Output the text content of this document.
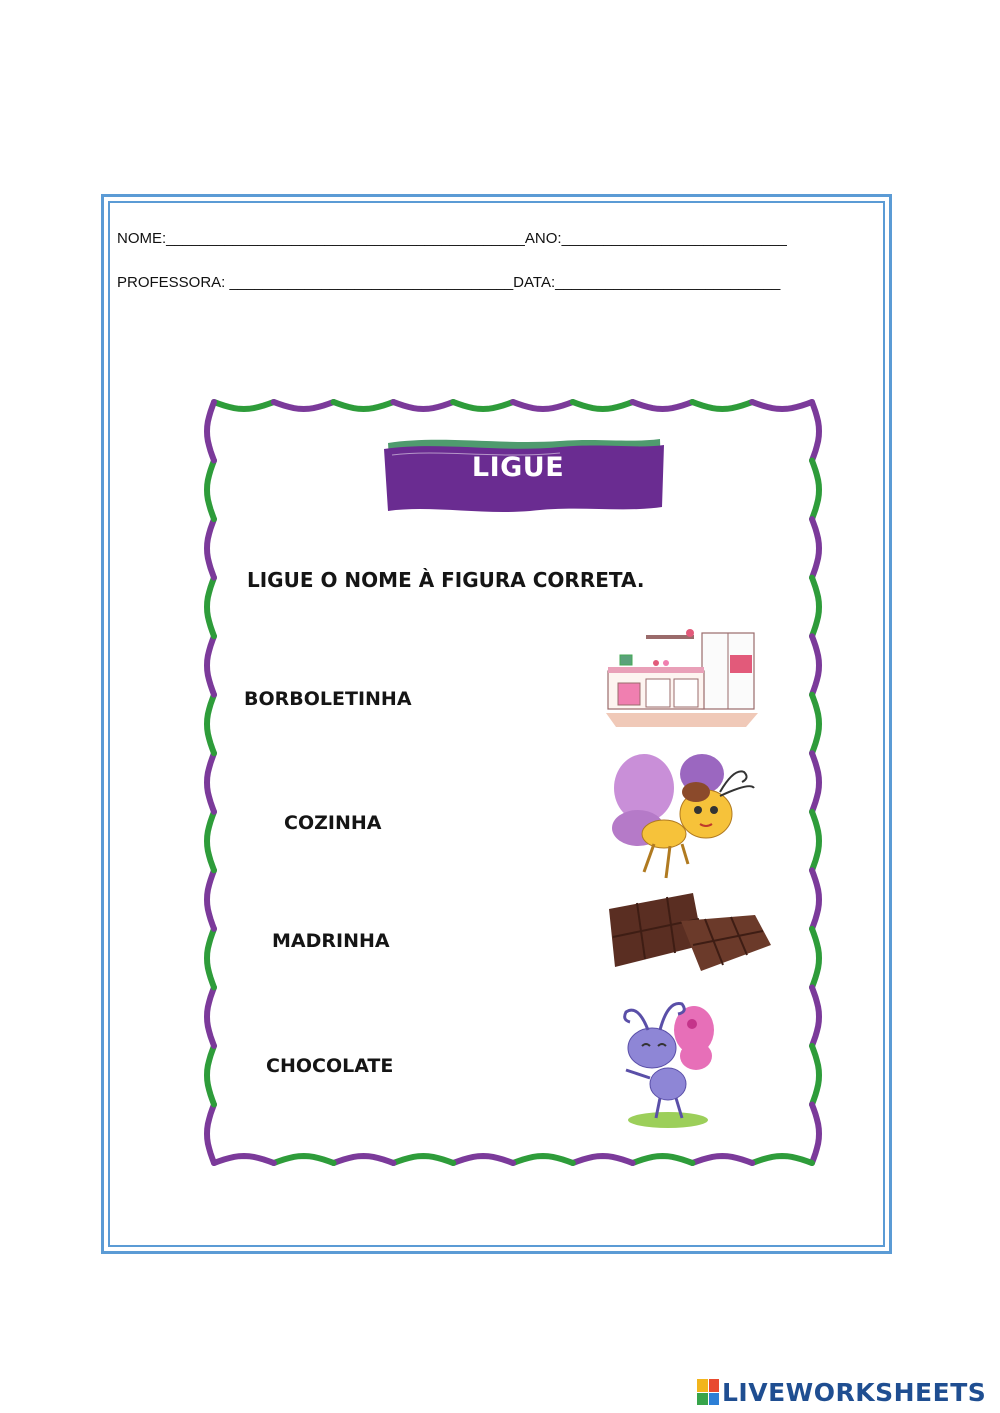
NOME:___________________________________________ANO:___________________________
PROFESSORA: __________________________________DATA:___________________________
LIGUE
LIGUE O NOME À FIGURA CORRETA.
BORBOLETINHA
COZINHA
MADRINHA
CHOCOLATE
LIVEWORKSHEETS
